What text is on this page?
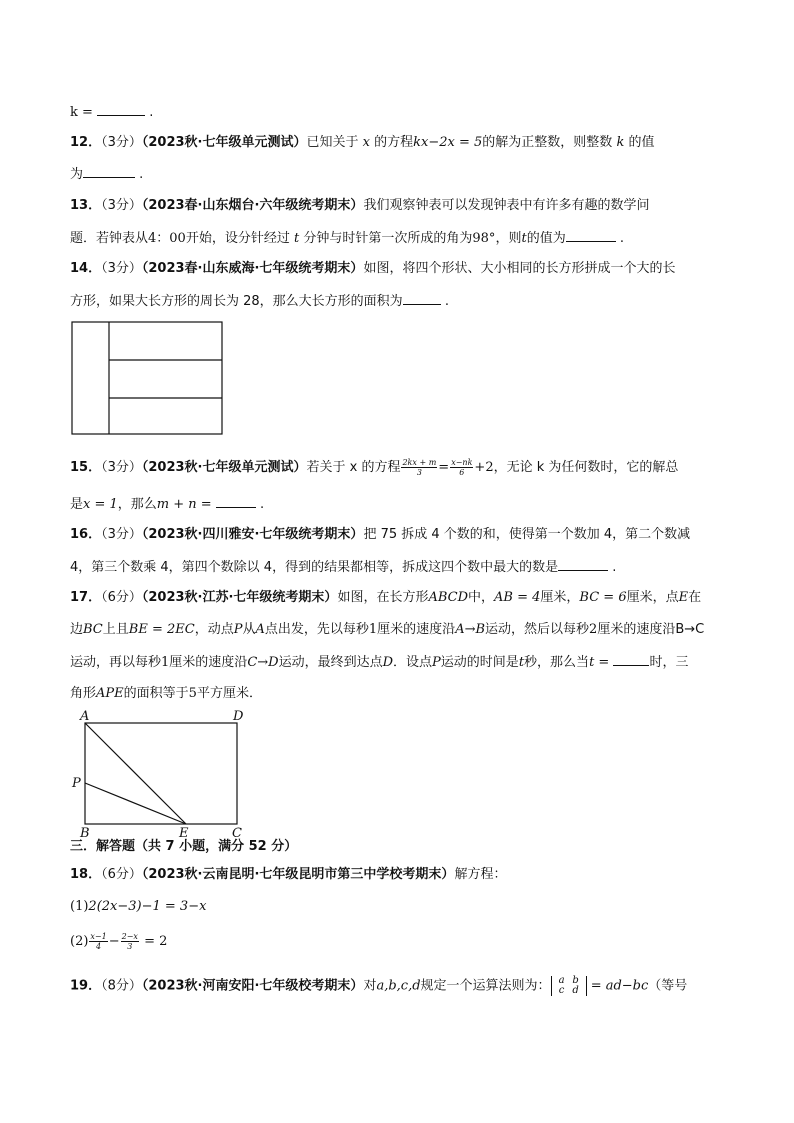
k =	.
12．（3分）（2023秋·七年级单元测试）已知关于 x 的方程kx−2x = 5的解为正整数，则整数 k 的值
为	.
13．（3分）（2023春·山东烟台·六年级统考期末）我们观察钟表可以发现钟表中有许多有趣的数学问
题．若钟表从4：00开始，设分针经过 t 分钟与时针第一次所成的角为98°，则t的值为	.
14．（3分）（2023春·山东威海·七年级统考期末）如图，将四个形状、大小相同的长方形拼成一个大的长
方形，如果大长方形的周长为 28，那么大长方形的面积为	.
15．（3分）（2023秋·七年级单元测试）若关于 x 的方程 $\frac{2kx + m}{3} = \frac{x-nk}{6} +2$，无论 k 为任何数时，它的解总
是x = 1，那么m + n =	.
16．（3分）（2023秋·四川雅安·七年级统考期末）把 75 拆成 4 个数的和，使得第一个数加 4，第二个数减
4，第三个数乘 4，第四个数除以 4，得到的结果都相等，拆成这四个数中最大的数是	.
17．（6分）（2023秋·江苏·七年级统考期末）如图，在长方形ABCD中，AB = 4厘米，BC = 6厘米，点E在
边BC上且BE = 2EC，动点P从A点出发，先以每秒1厘米的速度沿A→B运动，然后以每秒2厘米的速度沿B→C
运动，再以每秒1厘米的速度沿C→D运动，最终到达点D．设点P运动的时间是t秒，那么当t =	时，三
角形APE的面积等于5平方厘米．
A	D
P
B	E	C
三．解答题（共 7 小题，满分 52 分）
18．（6分）（2023秋·云南昆明·七年级昆明市第三中学校考期末）解方程：
(1)2(2x−3)−1 = 3−x
$(2) \frac{x-1}{4} - \frac{2-x}{3} = 2$
19．（8分）（2023秋·河南安阳·七年级校考期末）对a,b,c,d规定一个运算法则为： a b
c d = ad−bc（等号
